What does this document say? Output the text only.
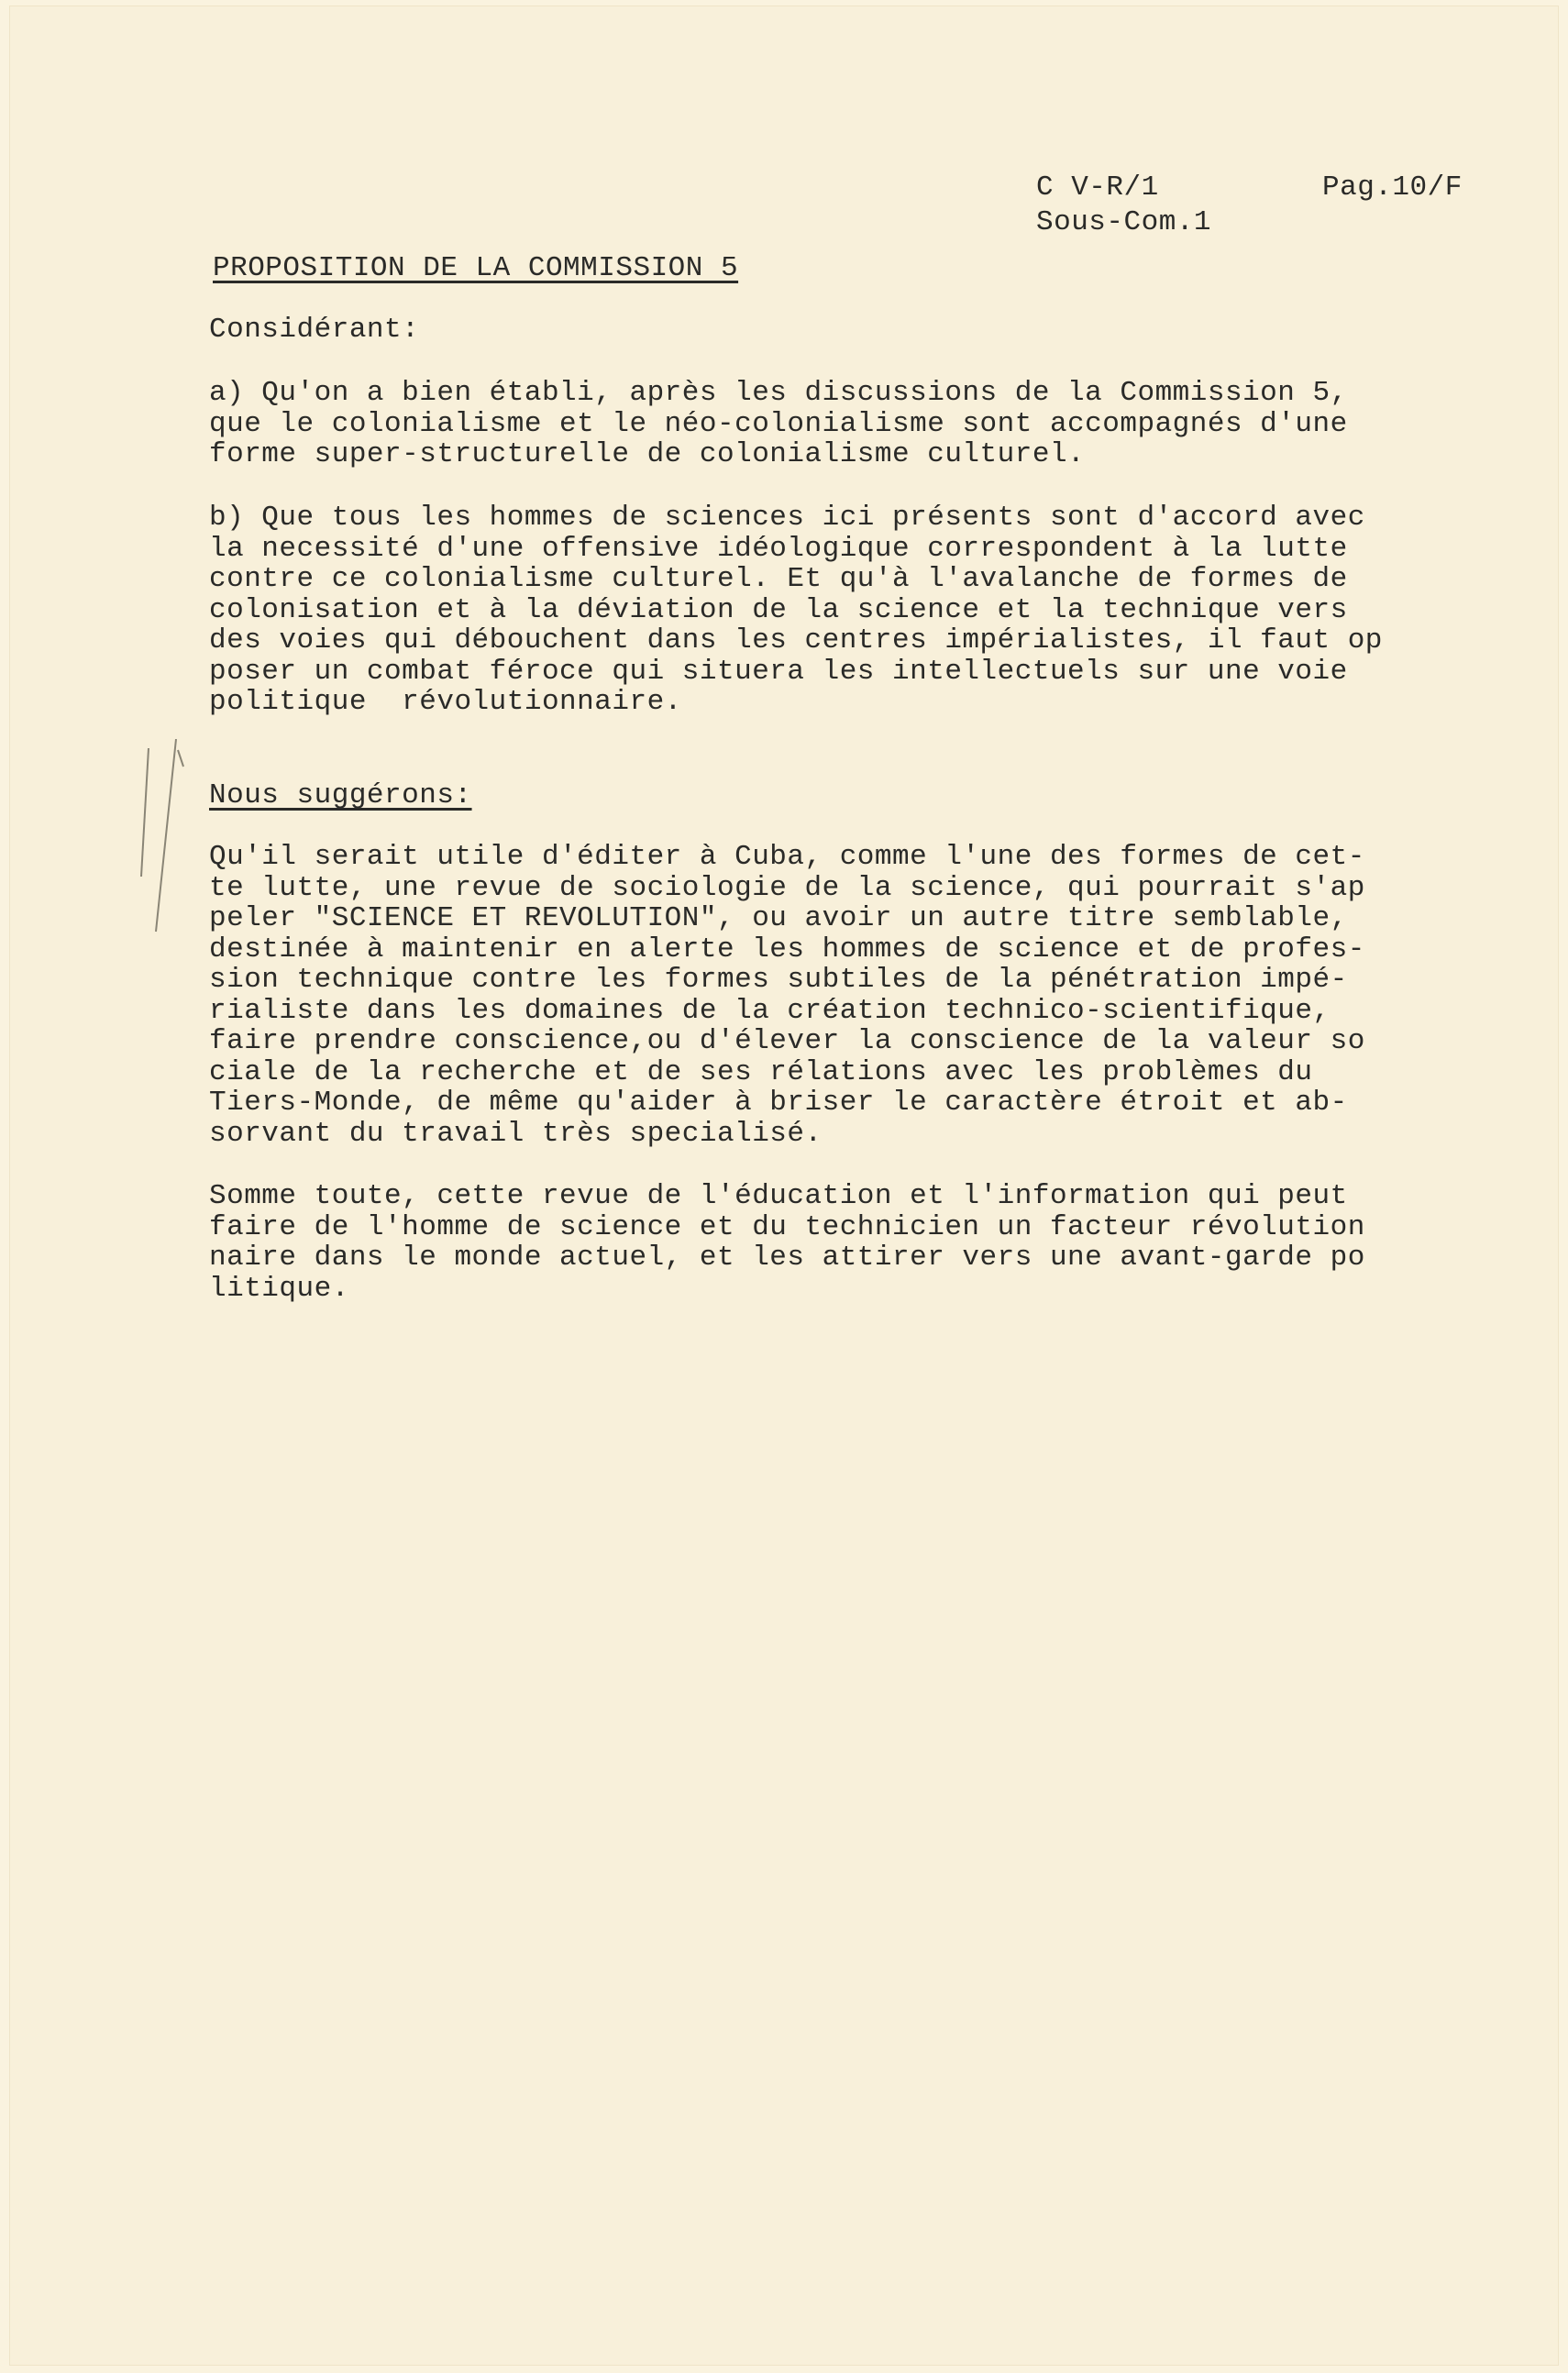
C V-R/1
Sous-Com.1
Pag.10/F
PROPOSITION DE LA COMMISSION 5
Considérant:
a) Qu'on a bien établi, après les discussions de la Commission 5,
que le colonialisme et le néo-colonialisme sont accompagnés d'une
forme super-structurelle de colonialisme culturel.
b) Que tous les hommes de sciences ici présents sont d'accord avec
la necessité d'une offensive idéologique correspondent à la lutte
contre ce colonialisme culturel. Et qu'à l'avalanche de formes de
colonisation et à la déviation de la science et la technique vers
des voies qui débouchent dans les centres impérialistes, il faut op
poser un combat féroce qui situera les intellectuels sur une voie
politique  révolutionnaire.
Nous suggérons:
Qu'il serait utile d'éditer à Cuba, comme l'une des formes de cet-
te lutte, une revue de sociologie de la science, qui pourrait s'ap
peler "SCIENCE ET REVOLUTION", ou avoir un autre titre semblable,
destinée à maintenir en alerte les hommes de science et de profes-
sion technique contre les formes subtiles de la pénétration impé-
rialiste dans les domaines de la création technico-scientifique,
faire prendre conscience,ou d'élever la conscience de la valeur so
ciale de la recherche et de ses rélations avec les problèmes du
Tiers-Monde, de même qu'aider à briser le caractère étroit et ab-
sorvant du travail très specialisé.
Somme toute, cette revue de l'éducation et l'information qui peut
faire de l'homme de science et du technicien un facteur révolution
naire dans le monde actuel, et les attirer vers une avant-garde po
litique.
